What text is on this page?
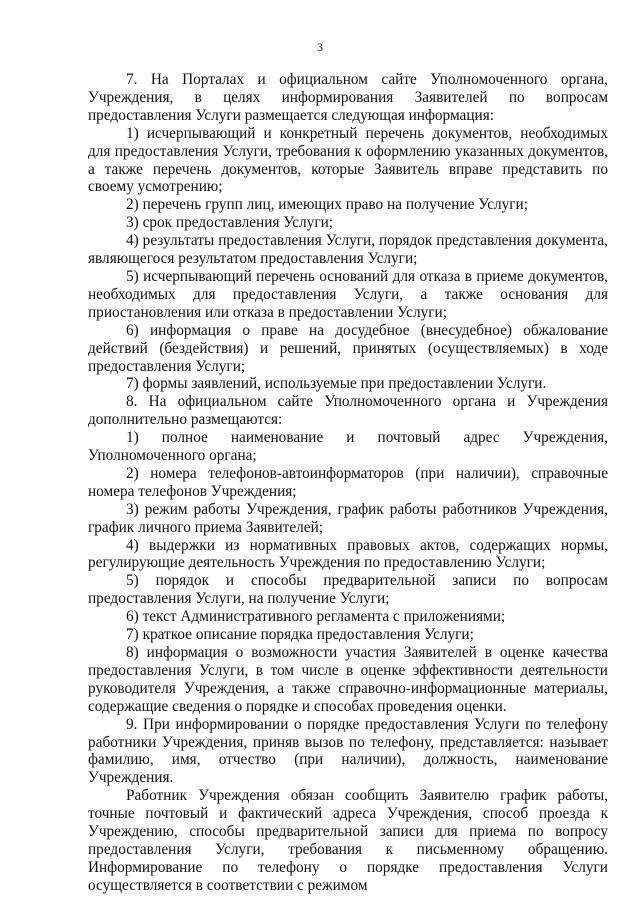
3

7. На Порталах и официальном сайте Уполномоченного органа, Учреждения, в целях информирования Заявителей по вопросам предоставления Услуги размещается следующая информация:

1) исчерпывающий и конкретный перечень документов, необходимых для предоставления Услуги, требования к оформлению указанных документов, а также перечень документов, которые Заявитель вправе представить по своему усмотрению;

2) перечень групп лиц, имеющих право на получение Услуги;

3) срок предоставления Услуги;

4) результаты предоставления Услуги, порядок представления документа, являющегося результатом предоставления Услуги;

5) исчерпывающий перечень оснований для отказа в приеме документов, необходимых для предоставления Услуги, а также основания для приостановления или отказа в предоставлении Услуги;

6) информация о праве на досудебное (внесудебное) обжалование действий (бездействия) и решений, принятых (осуществляемых) в ходе предоставления Услуги;

7) формы заявлений, используемые при предоставлении Услуги.

8. На официальном сайте Уполномоченного органа и Учреждения дополнительно размещаются:

1) полное наименование и почтовый адрес Учреждения, Уполномоченного органа;

2) номера телефонов-автоинформаторов (при наличии), справочные номера телефонов Учреждения;

3) режим работы Учреждения, график работы работников Учреждения, график личного приема Заявителей;

4) выдержки из нормативных правовых актов, содержащих нормы, регулирующие деятельность Учреждения по предоставлению Услуги;

5) порядок и способы предварительной записи по вопросам предоставления Услуги, на получение Услуги;

6) текст Административного регламента с приложениями;

7) краткое описание порядка предоставления Услуги;

8) информация о возможности участия Заявителей в оценке качества предоставления Услуги, в том числе в оценке эффективности деятельности руководителя Учреждения, а также справочно-информационные материалы, содержащие сведения о порядке и способах проведения оценки.

9. При информировании о порядке предоставления Услуги по телефону работники Учреждения, приняв вызов по телефону, представляется: называет фамилию, имя, отчество (при наличии), должность, наименование Учреждения.

Работник Учреждения обязан сообщить Заявителю график работы, точные почтовый и фактический адреса Учреждения, способ проезда к Учреждению, способы предварительной записи для приема по вопросу предоставления Услуги, требования к письменному обращению. Информирование по телефону о порядке предоставления Услуги осуществляется в соответствии с режимом
